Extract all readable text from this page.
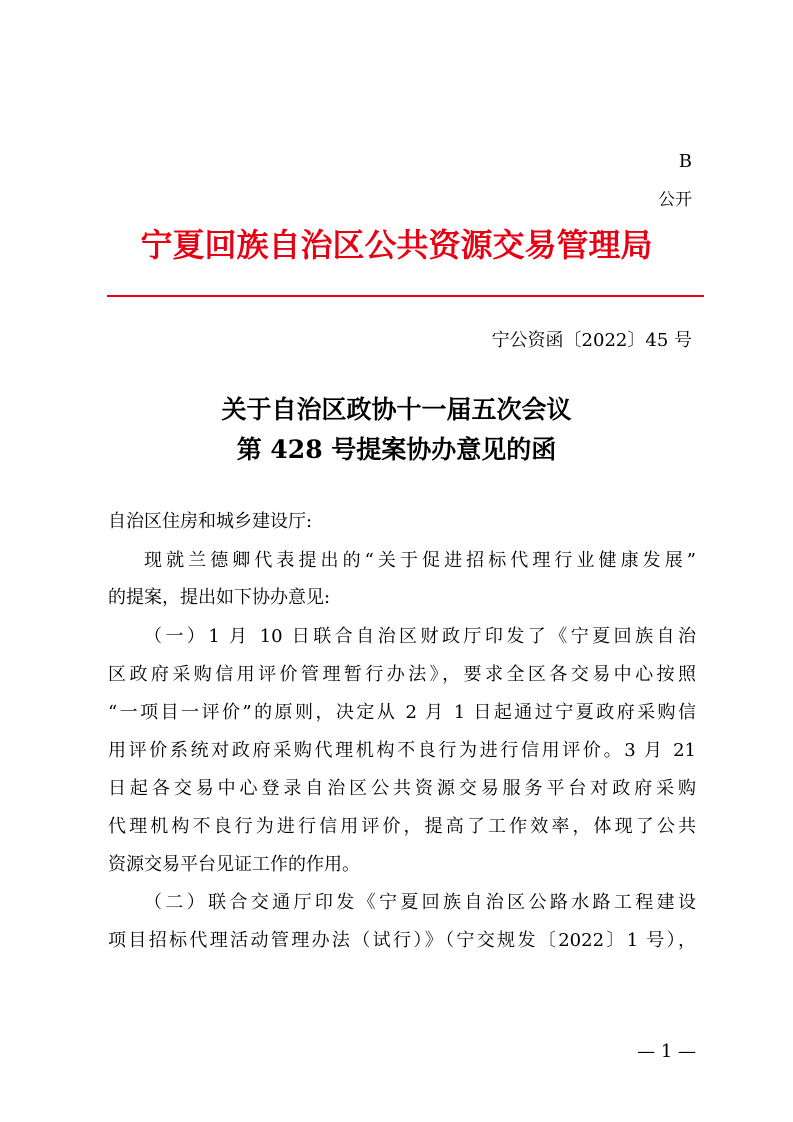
B
公开
宁夏回族自治区公共资源交易管理局
宁公资函〔2022〕45 号
关于自治区政协十一届五次会议
第 428 号提案协办意见的函
自治区住房和城乡建设厅:
现就兰德卿代表提出的“关于促进招标代理行业健康发展”
的提案，提出如下协办意见:
（一）1 月 10 日联合自治区财政厅印发了《宁夏回族自治
区政府采购信用评价管理暂行办法》，要求全区各交易中心按照
“一项目一评价”的原则，决定从 2 月 1 日起通过宁夏政府采购信
用评价系统对政府采购代理机构不良行为进行信用评价。3 月 21
日起各交易中心登录自治区公共资源交易服务平台对政府采购
代理机构不良行为进行信用评价，提高了工作效率，体现了公共
资源交易平台见证工作的作用。
（二）联合交通厅印发《宁夏回族自治区公路水路工程建设
项目招标代理活动管理办法（试行）》（宁交规发〔2022〕1 号），
— 1 —
